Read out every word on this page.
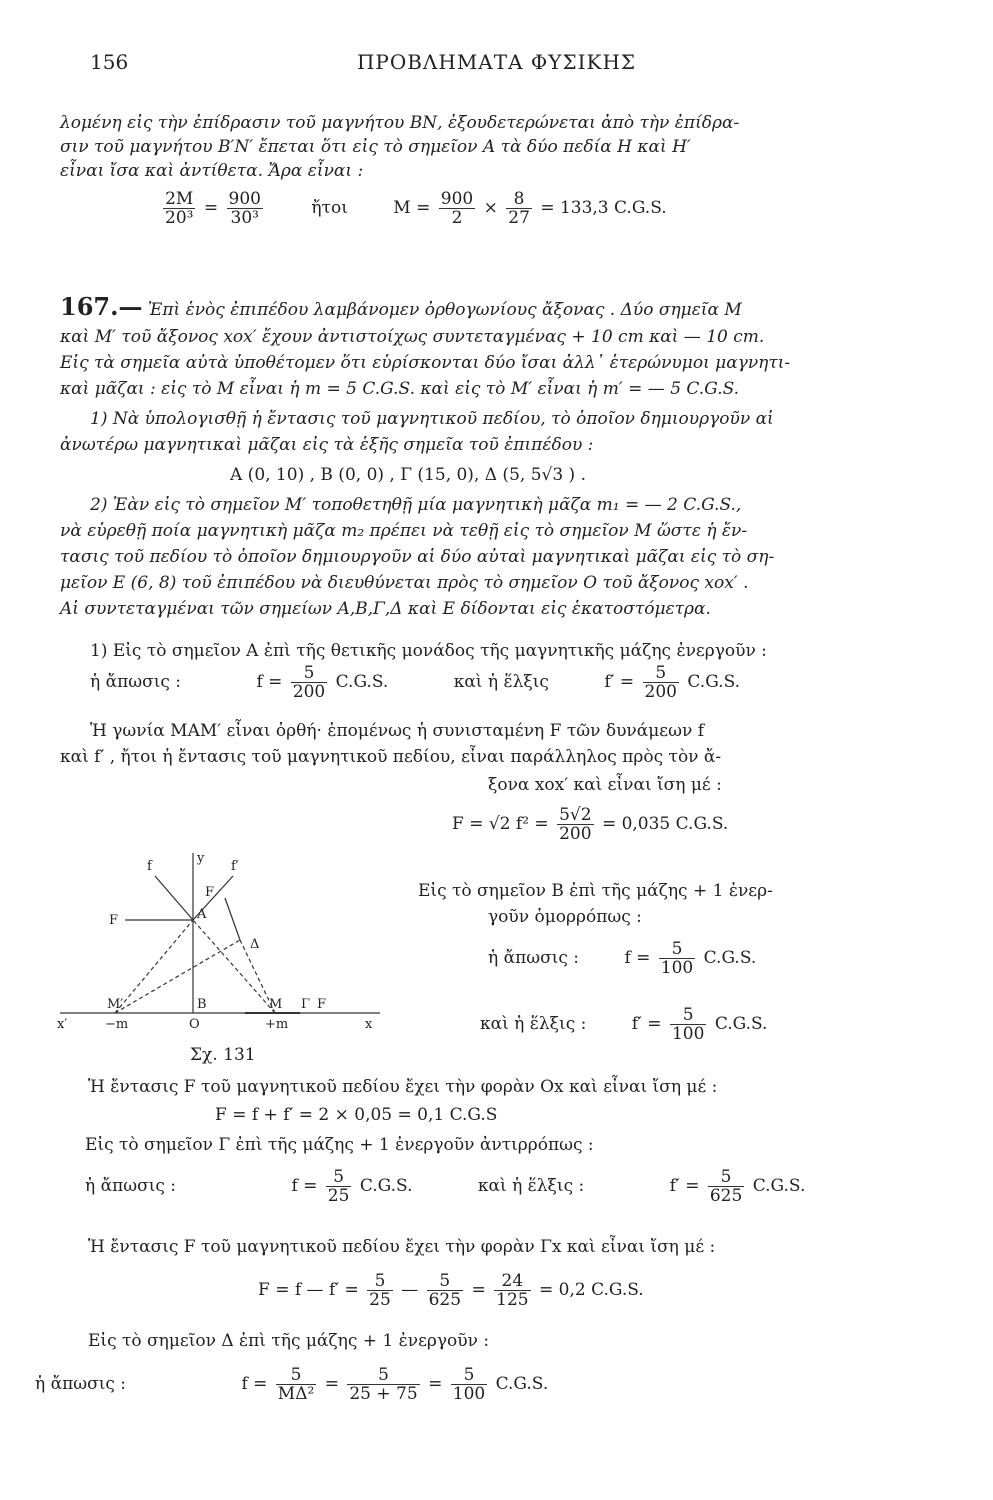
156	ΠΡΟΒΛΗΜΑΤΑ ΦΥΣΙΚΗΣ
λομένη εἰς τὴν ἐπίδρασιν τοῦ μαγνήτου ΒΝ, ἐξουδετερώνεται ἀπὸ τὴν ἐπίδρα-
σιν τοῦ μαγνήτου Β′Ν′ ἔπεται ὅτι εἰς τὸ σημεῖον Α τὰ δύο πεδία Η καὶ Η′
εἶναι ἴσα καὶ ἀντίθετα. Ἄρα εἶναι :
$\frac{2M}{\text{20³}} = \frac{900}{\text{30³}}$	ἤτοι	$M = \frac{900}{2} \times \frac{8}{27} = 133,3$ C.G.S.
167.— Ἐπὶ ἑνὸς ἐπιπέδου λαμβάνομεν ὀρθογωνίους ἄξονας . Δύο σημεῖα Μ
καὶ Μ′ τοῦ ἄξονος xox′ ἔχουν ἀντιστοίχως συντεταγμένας + 10 cm καὶ — 10 cm.
Εἰς τὰ σημεῖα αὐτὰ ὑποθέτομεν ὅτι εὑρίσκονται δύο ἴσαι ἀλλ᾽ ἑτερώνυμοι μαγνητι-
καὶ μᾶζαι : εἰς τὸ Μ εἶναι ἡ m = 5 C.G.S. καὶ εἰς τὸ Μ′ εἶναι ἡ m′ = — 5 C.G.S.
1) Νὰ ὑπολογισθῇ ἡ ἔντασις τοῦ μαγνητικοῦ πεδίου, τὸ ὁποῖον δημιουργοῦν αἱ
ἀνωτέρω μαγνητικαὶ μᾶζαι εἰς τὰ ἑξῆς σημεῖα τοῦ ἐπιπέδου :
Α (0, 10) , Β (0, 0) , Γ (15, 0), Δ (5, 5√3 ) .
2) Ἐὰν εἰς τὸ σημεῖον Μ′ τοποθετηθῇ μία μαγνητικὴ μᾶζα m₁ = — 2 C.G.S.,
νὰ εὑρεθῇ ποία μαγνητικὴ μᾶζα m₂ πρέπει νὰ τεθῇ εἰς τὸ σημεῖον Μ ὥστε ἡ ἔν-
τασις τοῦ πεδίου τὸ ὁποῖον δημιουργοῦν αἱ δύο αὐταὶ μαγνητικαὶ μᾶζαι εἰς τὸ ση-
μεῖον Ε (6, 8) τοῦ ἐπιπέδου νὰ διευθύνεται πρὸς τὸ σημεῖον Ο τοῦ ἄξονος xox′ .
Αἱ συντεταγμέναι τῶν σημείων Α,Β,Γ,Δ καὶ Ε δίδονται εἰς ἑκατοστόμετρα.
1) Εἰς τὸ σημεῖον Α ἐπὶ τῆς θετικῆς μονάδος τῆς μαγνητικῆς μάζης ἐνεργοῦν :
ἡ ἄπωσις :	$f = \frac{5}{200} C.G.S$.	καὶ ἡ ἕλξις	$f' = \frac{5}{200} C.G.S$.
Ἡ γωνία ΜΑΜ′ εἶναι ὀρθή· ἑπομένως ἡ συνισταμένη F τῶν δυνάμεων f
καὶ f′ , ἤτοι ἡ ἔντασις τοῦ μαγνητικοῦ πεδίου, εἶναι παράλληλος πρὸς τὸν ἄ-
ξονα xox′ καὶ εἶναι ἴση μέ :
F = √2 $f^2 = \frac{5√2}{200} = 0,035$ C.G.S.
Εἰς τὸ σημεῖον Β ἐπὶ τῆς μάζης + 1 ἐνερ-
γοῦν ὁμορρόπως :
ἡ ἄπωσις :	$f = \frac{5}{100} C.G.S$.
καὶ ἡ ἕλξις :	$f' = \frac{5}{100} C.G.S$.
Ἡ ἔντασις F τοῦ μαγνητικοῦ πεδίου ἔχει τὴν φορὰν Οx καὶ εἶναι ἴση μέ :
F = f + f′ = 2 × 0,05 = 0,1 C.G.S
Εἰς τὸ σημεῖον Γ ἐπὶ τῆς μάζης + 1 ἐνεργοῦν ἀντιρρόπως :
ἡ ἄπωσις :	$f = \frac{5}{25} C.G.S$.	καὶ ἡ ἕλξις :	$f' = \frac{5}{625} C.G.S$.
Ἡ ἔντασις F τοῦ μαγνητικοῦ πεδίου ἔχει τὴν φορὰν Γx καὶ εἶναι ἴση μέ :
F = f — $f' = \frac{5}{25}$ — $\frac{5}{625} = \frac{24}{125} = 0,2$ C.G.S.
Εἰς τὸ σημεῖον Δ ἐπὶ τῆς μάζης + 1 ἐνεργοῦν :
ἡ ἄπωσις :	$f = \frac{5}{\text{ΜΔ²}} = \frac{5}{25 + 75} = \frac{5}{100} C.G.S$.
f	f′
F
F
A
Δ
y
M′	B	M Γ F
x′	x
−m	+m
O
Σχ. 131
